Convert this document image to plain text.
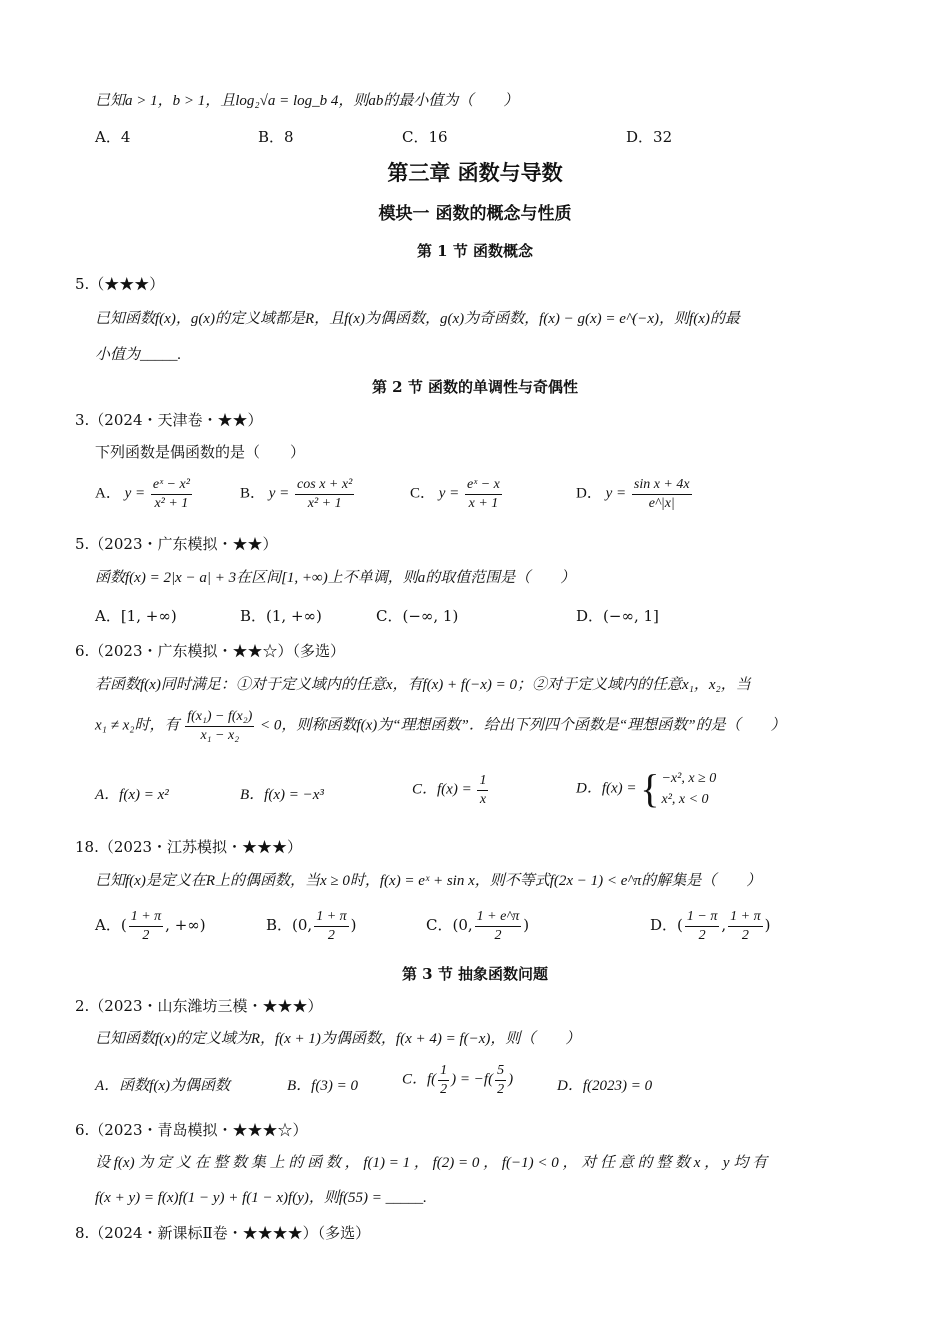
已知a > 1，b > 1，且log₂√a = log_b 4，则ab的最小值为（　　）
A．4	B．8	C．16	D．32
第三章 函数与导数
模块一 函数的概念与性质
第 1 节 函数概念
5.（★★★）
已知函数f(x)，g(x)的定义域都是R，且f(x)为偶函数，g(x)为奇函数，f(x) − g(x) = e^(−x)，则f(x)的最
小值为_____.
第 2 节 函数的单调性与奇偶性
3.（2024・天津卷・★★）
下列函数是偶函数的是（　　）
A． $y = \frac{\text{eˣ − x²}}{\text{x² + 1}}$	B． $y = \frac{\text{cos x + x²}}{\text{x² + 1}}$	C． $y = \frac{\text{eˣ − x}}{x + 1}$	D． $y = \frac{\text{sin x + 4x}}{e\^{}|x|}$
5.（2023・广东模拟・★★）
函数f(x) = 2|x − a| + 3在区间[1, +∞)上不单调，则a的取值范围是（　　）
A．[1, +∞)	B．(1, +∞)	C．(−∞, 1)	D．(−∞, 1]
6.（2023・广东模拟・★★☆）（多选）
若函数f(x)同时满足：①对于定义域内的任意x，有f(x) + f(−x) = 0；②对于定义域内的任意x₁，x₂，当
x₁ ≠ x₂时，有 $\frac{\text{f(x₁) − f(x₂)}}{\text{x₁ − x₂}} < 0$，则称函数f(x)为“理想函数”．给出下列四个函数是“理想函数”的是（　　）
A．f(x) = x²	B．f(x) = −x³	C．$f(x) = \frac{1}{x}$	D．f(x) = { −x², x ≥ 0
x², x < 0
18.（2023・江苏模拟・★★★）
已知f(x)是定义在R上的偶函数，当x ≥ 0时，f(x) = eˣ + sin x，则不等式f(2x − 1) < e^π的解集是（　　）
A．( $\frac{1 + \pi}{2}$ , +∞)	B．(0, $\frac{1 + \pi}{2}$ )	C．(0, $\frac{1 + e\^{}\pi}{2}$ )	D．( $\frac{1 - \pi}{2}$ , $\frac{1 + \pi}{2}$ )
第 3 节 抽象函数问题
2.（2023・山东潍坊三模・★★★）
已知函数f(x)的定义域为R，f(x + 1)为偶函数，f(x + 4) = f(−x)，则（　　）
A．函数f(x)为偶函数	B．f(3) = 0	C．$f( \frac{1}{2}$ ) = $-f( \frac{5}{2}$ )	D．f(2023) = 0
6.（2023・青岛模拟・★★★☆）
设 f(x) 为 定 义 在 整 数 集 上 的 函 数 ， f(1) = 1 ， f(2) = 0 ， f(−1) < 0 ， 对 任 意 的 整 数 x ， y 均 有
f(x + y) = f(x)f(1 − y) + f(1 − x)f(y)，则f(55) = _____.
8.（2024・新课标Ⅱ卷・★★★★）（多选）
